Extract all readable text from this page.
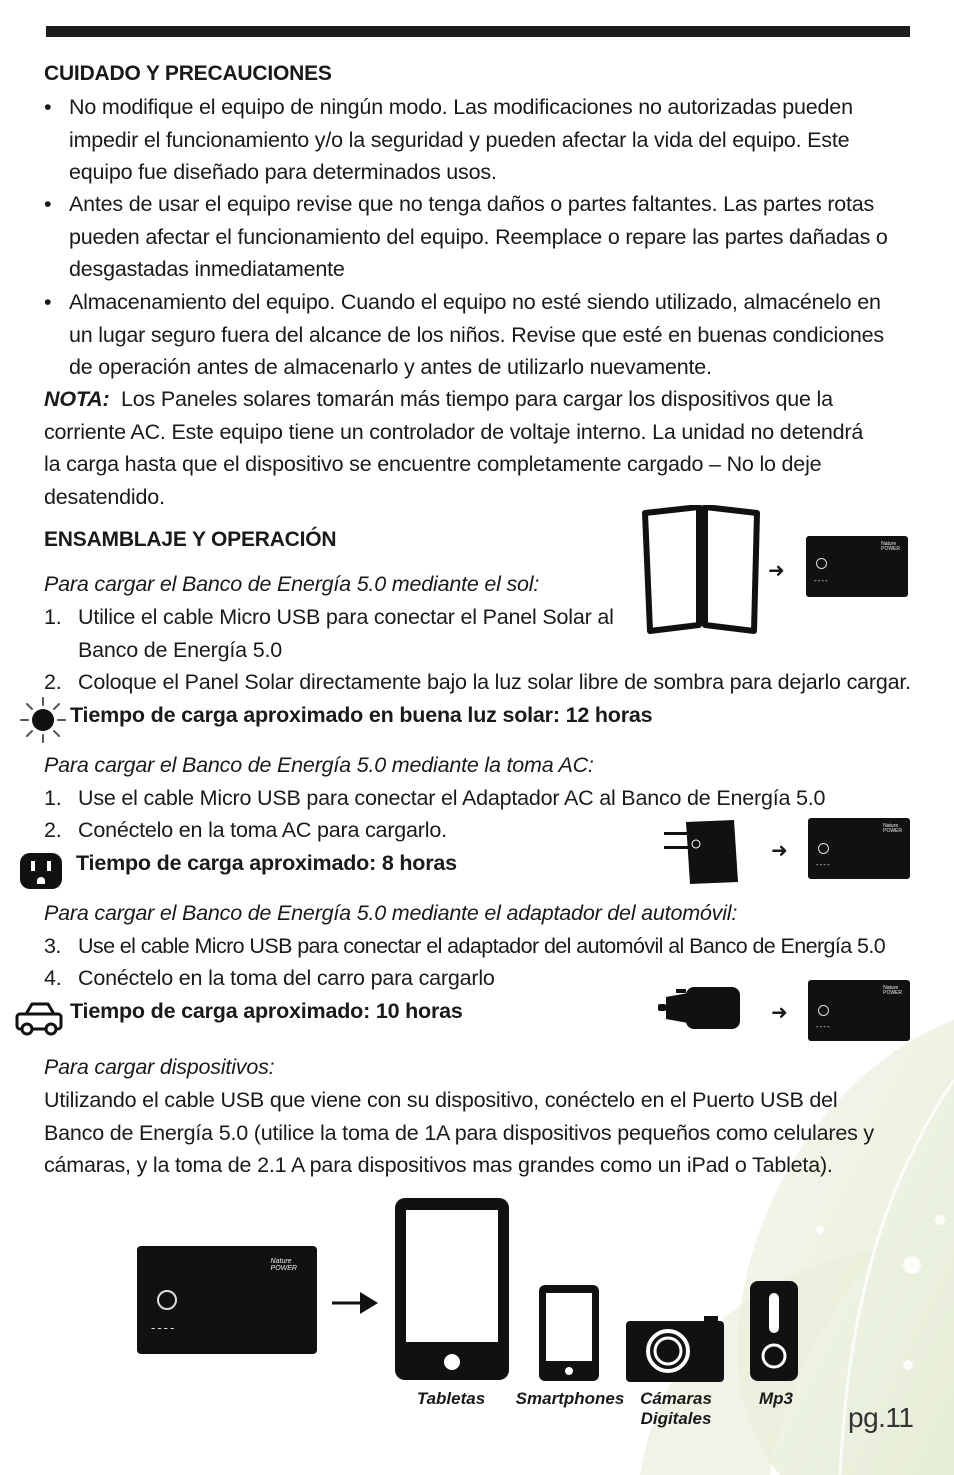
CUIDADO Y PRECAUCIONES
• No modifique el equipo de ningún modo. Las modificaciones no autorizadas pueden
impedir el funcionamiento y/o la seguridad y pueden afectar la vida del equipo. Este
equipo fue diseñado para determinados usos.
• Antes de usar el equipo revise que no tenga daños o partes faltantes. Las partes rotas
pueden afectar el funcionamiento del equipo. Reemplace o repare las partes dañadas o
desgastadas inmediatamente
• Almacenamiento del equipo. Cuando el equipo no esté siendo utilizado, almacénelo en
un lugar seguro fuera del alcance de los niños. Revise que esté en buenas condiciones
de operación antes de almacenarlo y antes de utilizarlo nuevamente.
NOTA: Los Paneles solares tomarán más tiempo para cargar los dispositivos que la
corriente AC. Este equipo tiene un controlador de voltaje interno. La unidad no detendrá
la carga hasta que el dispositivo se encuentre completamente cargado – No lo deje
desatendido.
ENSAMBLAJE Y OPERACIÓN
Para cargar el Banco de Energía 5.0 mediante el sol:
1. Utilice el cable Micro USB para conectar el Panel Solar al
Banco de Energía 5.0
2. Coloque el Panel Solar directamente bajo la luz solar libre de sombra para dejarlo cargar.
Tiempo de carga aproximado en buena luz solar: 12 horas
➜
Nature
POWER
----
Para cargar el Banco de Energía 5.0 mediante la toma AC:
1. Use el cable Micro USB para conectar el Adaptador AC al Banco de Energía 5.0
2. Conéctelo en la toma AC para cargarlo.
Tiempo de carga aproximado: 8 horas	➜
Nature
POWER
----
Para cargar el Banco de Energía 5.0 mediante el adaptador del automóvil:
3. Use el cable Micro USB para conectar el adaptador del automóvil al Banco de Energía 5.0
4. Conéctelo en la toma del carro para cargarlo
Tiempo de carga aproximado: 10 horas	➜
Nature
POWER
----
Para cargar dispositivos:
Utilizando el cable USB que viene con su dispositivo, conéctelo en el Puerto USB del
Banco de Energía 5.0 (utilice la toma de 1A para dispositivos pequeños como celulares y
cámaras, y la toma de 2.1 A para dispositivos mas grandes como un iPad o Tableta).
Nature
POWER
----
Tabletas	Smartphones Cámaras
Digitales
Mp3
pg.11
